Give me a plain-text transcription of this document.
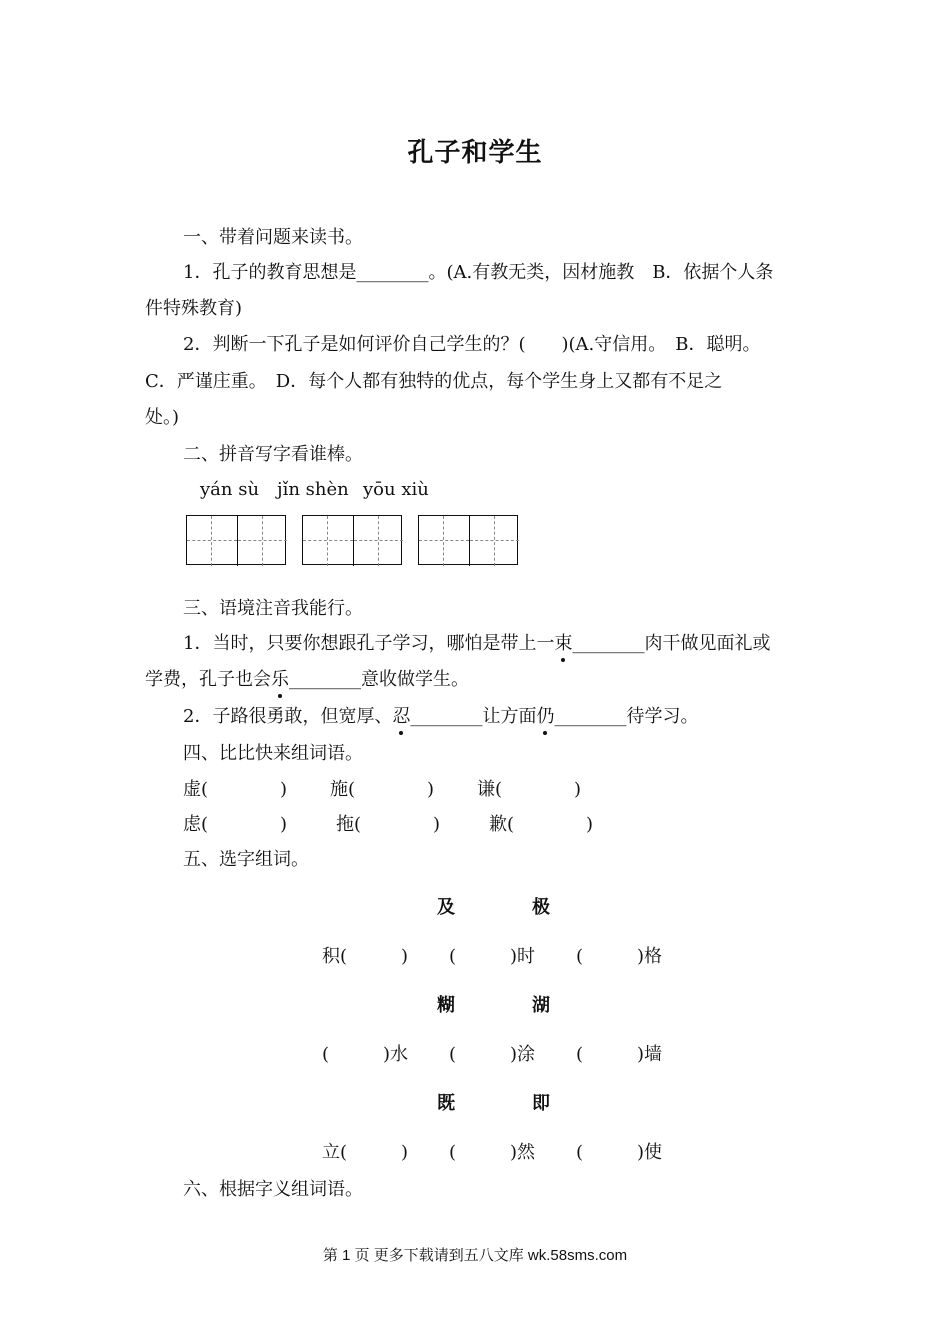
孔子和学生
一、带着问题来读书。
1．孔子的教育思想是________。(A.有教无类，因材施教　B．依据个人条
件特殊教育)
2．判断一下孔子是如何评价自己学生的？(　　)(A.守信用。　B．聪明。
C．严谨庄重。　D．每个人都有独特的优点，每个学生身上又都有不足之
处。)
二、拼音写字看谁棒。
yán sù jǐn shèn yōu xiù
三、语境注音我能行。
1．当时，只要你想跟孔子学习，哪怕是带上一束________肉干做见面礼或
学费，孔子也会乐________意收做学生。
2．子路很勇敢，但宽厚、忍________让方面仍________待学习。
四、比比快来组词语。
虚(　　　　) 施(　　　　) 谦(　　　　)
虑(　　　　)	拖(　　　　)	歉(　　　　)
五、选字组词。
及	极
积(　　　) (　　　)时 (　　　)格
糊	湖
(　　　)水 (　　　)涂 (　　　)墙
既	即
立(　　　) (　　　)然 (　　　)使
六、根据字义组词语。
第 1 页 更多下载请到五八文库 wk.58sms.com
